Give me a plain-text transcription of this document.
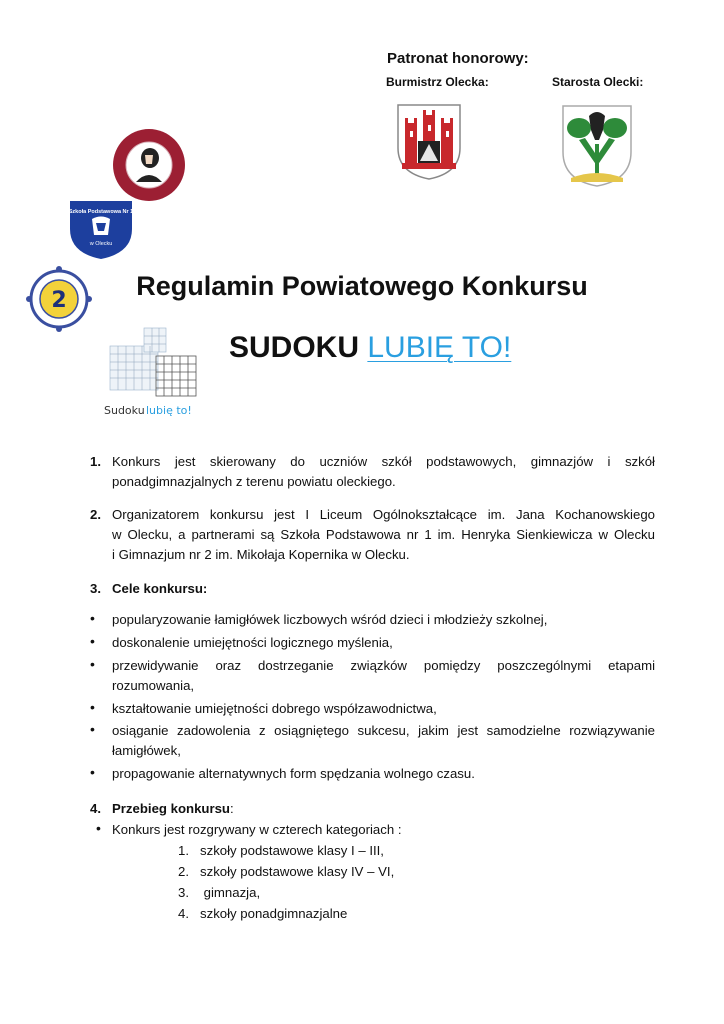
Patronat honorowy:
Burmistrz Olecka:	Starosta Olecki:
Szkoła Podstawowa Nr 1
w Olecku
2
Sudoku lubię to!
Regulamin Powiatowego Konkursu
SUDOKU LUBIĘ TO!
1. Konkurs jest skierowany do uczniów szkół podstawowych, gimnazjów i szkół
ponadgimnazjalnych z terenu powiatu oleckiego.
2. Organizatorem konkursu jest I Liceum Ogólnokształcące im. Jana Kochanowskiego
w Olecku, a partnerami są Szkoła Podstawowa nr 1 im. Henryka Sienkiewicza w Olecku
i Gimnazjum nr 2 im. Mikołaja Kopernika w Olecku.
3. Cele konkursu:
• popularyzowanie łamigłówek liczbowych wśród dzieci i młodzieży szkolnej,
• doskonalenie umiejętności logicznego myślenia,
• przewidywanie oraz dostrzeganie związków pomiędzy poszczególnymi etapami
rozumowania,
• kształtowanie umiejętności dobrego współzawodnictwa,
• osiąganie zadowolenia z osiągniętego sukcesu, jakim jest samodzielne rozwiązywanie
łamigłówek,
• propagowanie alternatywnych form spędzania wolnego czasu.
4. Przebieg konkursu:
• Konkurs jest rozgrywany w czterech kategoriach :
1. szkoły podstawowe klasy I – III,
2. szkoły podstawowe klasy IV – VI,
3. gimnazja,
4. szkoły ponadgimnazjalne
